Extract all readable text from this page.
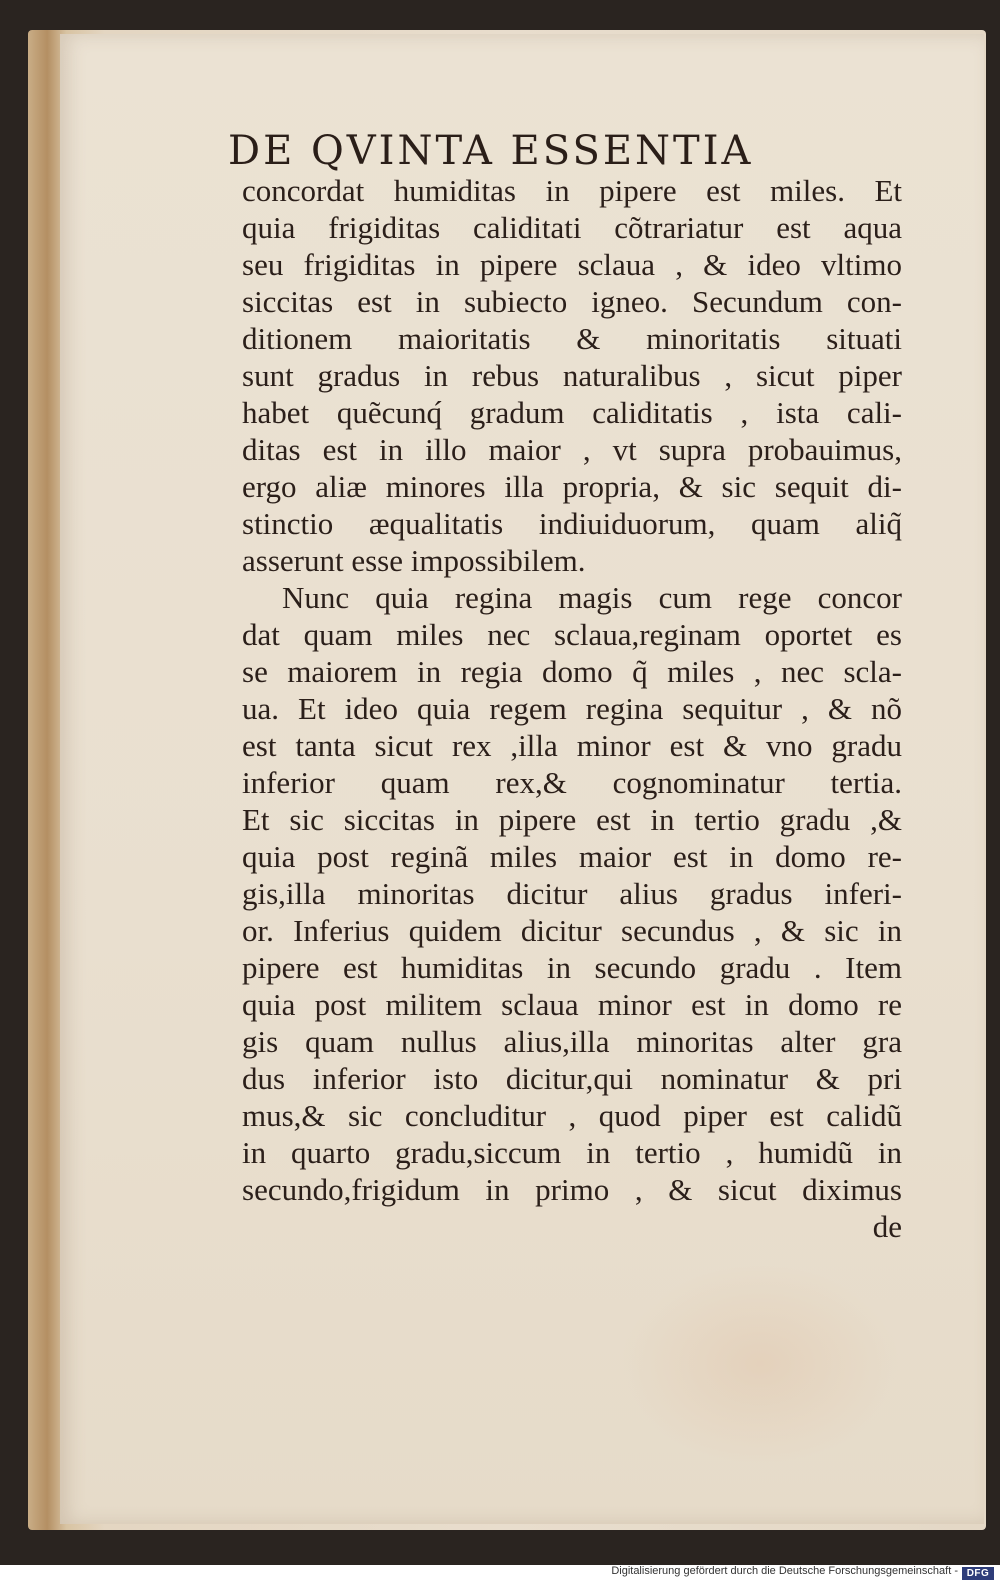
DE QVINTA ESSENTIA
concordat humiditas in pipere est miles. Et
quia frigiditas caliditati cõtrariatur est aqua
seu frigiditas in pipere sclaua , & ideo vltimo
siccitas est in subiecto igneo. Secundum con-
ditionem maioritatis & minoritatis situati
sunt gradus in rebus naturalibus , sicut piper
habet quẽcunq́ gradum caliditatis , ista cali-
ditas est in illo maior , vt supra probauimus,
ergo aliæ minores illa propria, & sic sequit di-
stinctio æqualitatis indiuiduorum, quam aliq̃
asserunt esse impossibilem.
Nunc quia regina magis cum rege concor
dat quam miles nec sclaua,reginam oportet es
se maiorem in regia domo q̃ miles , nec scla-
ua. Et ideo quia regem regina sequitur , & nõ
est tanta sicut rex ,illa minor est & vno gradu
inferior quam rex,& cognominatur tertia.
Et sic siccitas in pipere est in tertio gradu ,&
quia post reginã miles maior est in domo re-
gis,illa minoritas dicitur alius gradus inferi-
or. Inferius quidem dicitur secundus , & sic in
pipere est humiditas in secundo gradu . Item
quia post militem sclaua minor est in domo re
gis quam nullus alius,illa minoritas alter gra
dus inferior isto dicitur,qui nominatur & pri
mus,& sic concluditur , quod piper est calidũ
in quarto gradu,siccum in tertio , humidũ in
secundo,frigidum in primo , & sicut diximus
de
Digitalisierung gefördert durch die Deutsche Forschungsgemeinschaft - DFG
